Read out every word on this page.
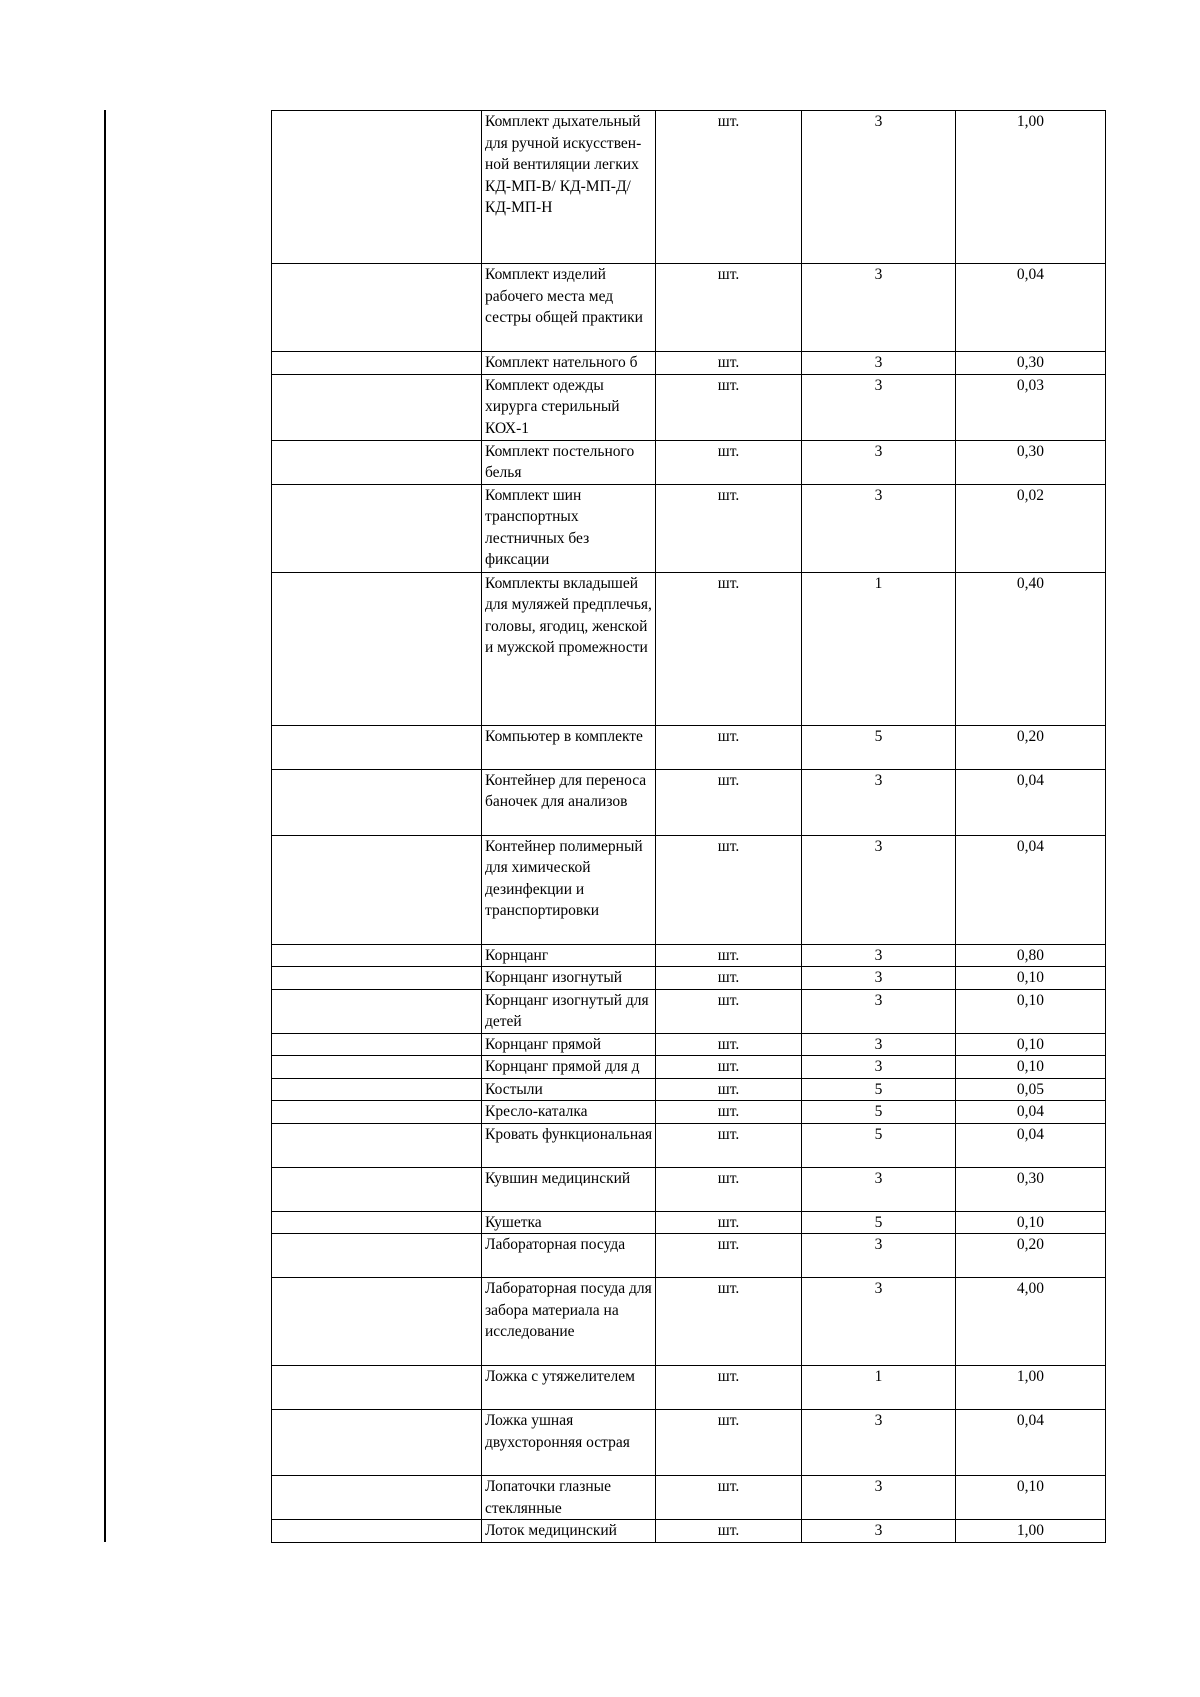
	Комплект дыхательный для ручной искусствен-ной вентиляции легких КД-МП-В/ КД-МП-Д/ КД-МП-Н	шт.	3	1,00

	Комплект изделий рабочего места мед сестры общей практики	шт.	3	0,04

	Комплект нательного б	шт.	3	0,30

	Комплект одежды хирурга стерильный КОХ-1	шт.	3	0,03

	Комплект постельного белья	шт.	3	0,30

	Комплект шин транспортных лестничных без фиксации	шт.	3	0,02

	Комплекты вкладышей для муляжей предплечья, головы, ягодиц, женской и мужской промежности	шт.	1	0,40

	Компьютер в комплекте	шт.	5	0,20

	Контейнер для переноса баночек для анализов	шт.	3	0,04

	Контейнер полимерный для химической дезинфекции и транспортировки	шт.	3	0,04

	Корнцанг	шт.	3	0,80

	Корнцанг изогнутый	шт.	3	0,10

	Корнцанг изогнутый для детей	шт.	3	0,10

	Корнцанг прямой	шт.	3	0,10

	Корнцанг прямой для д	шт.	3	0,10

	Костыли	шт.	5	0,05

	Кресло-каталка	шт.	5	0,04

	Кровать функциональная	шт.	5	0,04

	Кувшин медицинский	шт.	3	0,30

	Кушетка	шт.	5	0,10

	Лабораторная посуда	шт.	3	0,20

	Лабораторная посуда для забора материала на исследование	шт.	3	4,00

	Ложка с утяжелителем	шт.	1	1,00

	Ложка ушная двухсторонняя острая	шт.	3	0,04

	Лопаточки глазные стеклянные	шт.	3	0,10

	Лоток медицинский	шт.	3	1,00
